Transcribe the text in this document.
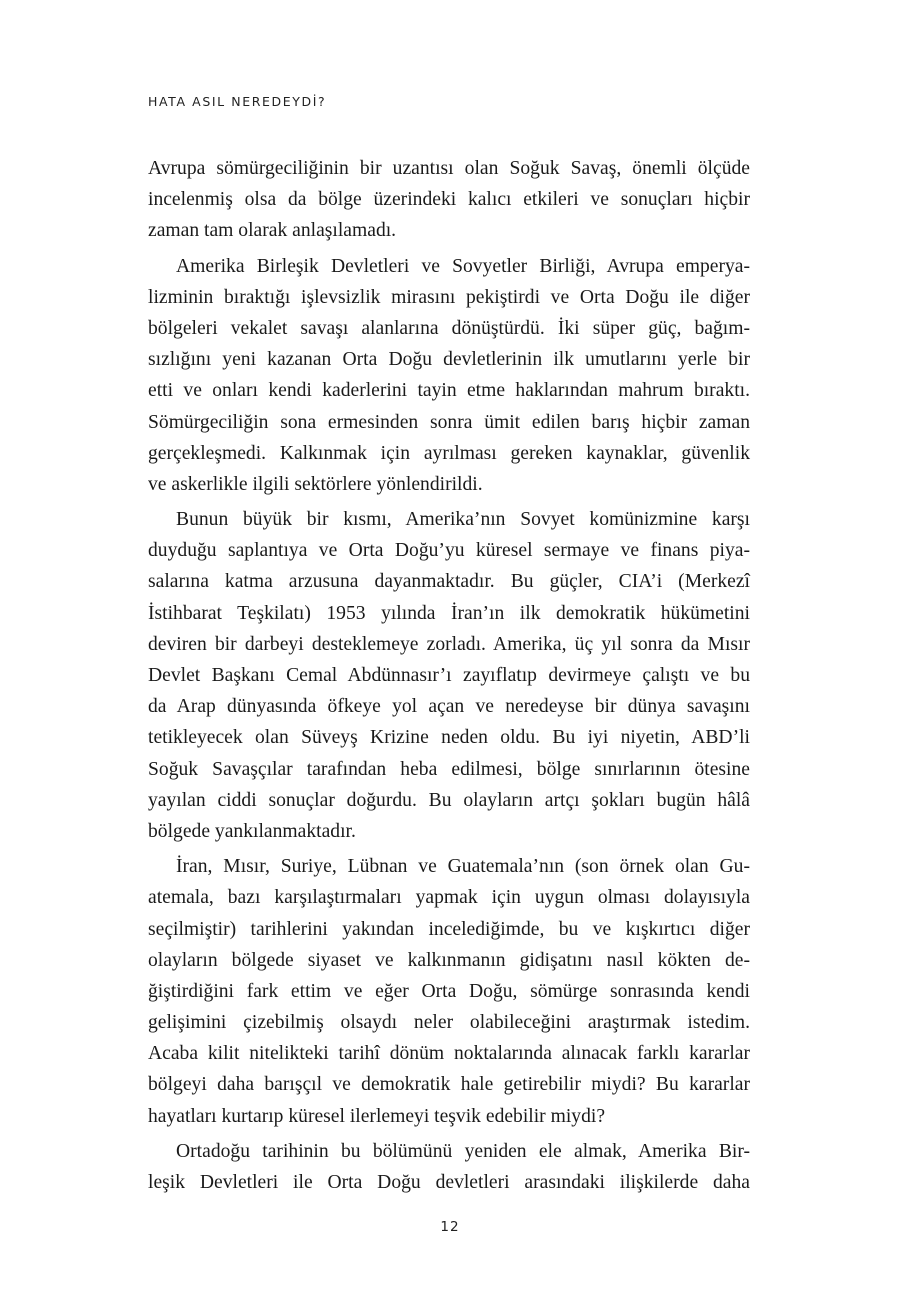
HATA ASIL NEREDEYDİ?
Avrupa sömürgeciliğinin bir uzantısı olan Soğuk Savaş, önemli ölçüde
incelenmiş olsa da bölge üzerindeki kalıcı etkileri ve sonuçları hiçbir
zaman tam olarak anlaşılamadı.
Amerika Birleşik Devletleri ve Sovyetler Birliği, Avrupa emperya-
lizminin bıraktığı işlevsizlik mirasını pekiştirdi ve Orta Doğu ile diğer
bölgeleri vekalet savaşı alanlarına dönüştürdü. İki süper güç, bağım-
sızlığını yeni kazanan Orta Doğu devletlerinin ilk umutlarını yerle bir
etti ve onları kendi kaderlerini tayin etme haklarından mahrum bıraktı.
Sömürgeciliğin sona ermesinden sonra ümit edilen barış hiçbir zaman
gerçekleşmedi. Kalkınmak için ayrılması gereken kaynaklar, güvenlik
ve askerlikle ilgili sektörlere yönlendirildi.
Bunun büyük bir kısmı, Amerika’nın Sovyet komünizmine karşı
duyduğu saplantıya ve Orta Doğu’yu küresel sermaye ve finans piya-
salarına katma arzusuna dayanmaktadır. Bu güçler, CIA’i (Merkezî
İstihbarat Teşkilatı) 1953 yılında İran’ın ilk demokratik hükümetini
deviren bir darbeyi desteklemeye zorladı. Amerika, üç yıl sonra da Mısır
Devlet Başkanı Cemal Abdünnasır’ı zayıflatıp devirmeye çalıştı ve bu
da Arap dünyasında öfkeye yol açan ve neredeyse bir dünya savaşını
tetikleyecek olan Süveyş Krizine neden oldu. Bu iyi niyetin, ABD’li
Soğuk Savaşçılar tarafından heba edilmesi, bölge sınırlarının ötesine
yayılan ciddi sonuçlar doğurdu. Bu olayların artçı şokları bugün hâlâ
bölgede yankılanmaktadır.
İran, Mısır, Suriye, Lübnan ve Guatemala’nın (son örnek olan Gu-
atemala, bazı karşılaştırmaları yapmak için uygun olması dolayısıyla
seçilmiştir) tarihlerini yakından incelediğimde, bu ve kışkırtıcı diğer
olayların bölgede siyaset ve kalkınmanın gidişatını nasıl kökten de-
ğiştirdiğini fark ettim ve eğer Orta Doğu, sömürge sonrasında kendi
gelişimini çizebilmiş olsaydı neler olabileceğini araştırmak istedim.
Acaba kilit nitelikteki tarihî dönüm noktalarında alınacak farklı kararlar
bölgeyi daha barışçıl ve demokratik hale getirebilir miydi? Bu kararlar
hayatları kurtarıp küresel ilerlemeyi teşvik edebilir miydi?
Ortadoğu tarihinin bu bölümünü yeniden ele almak, Amerika Bir-
leşik Devletleri ile Orta Doğu devletleri arasındaki ilişkilerde daha
12
